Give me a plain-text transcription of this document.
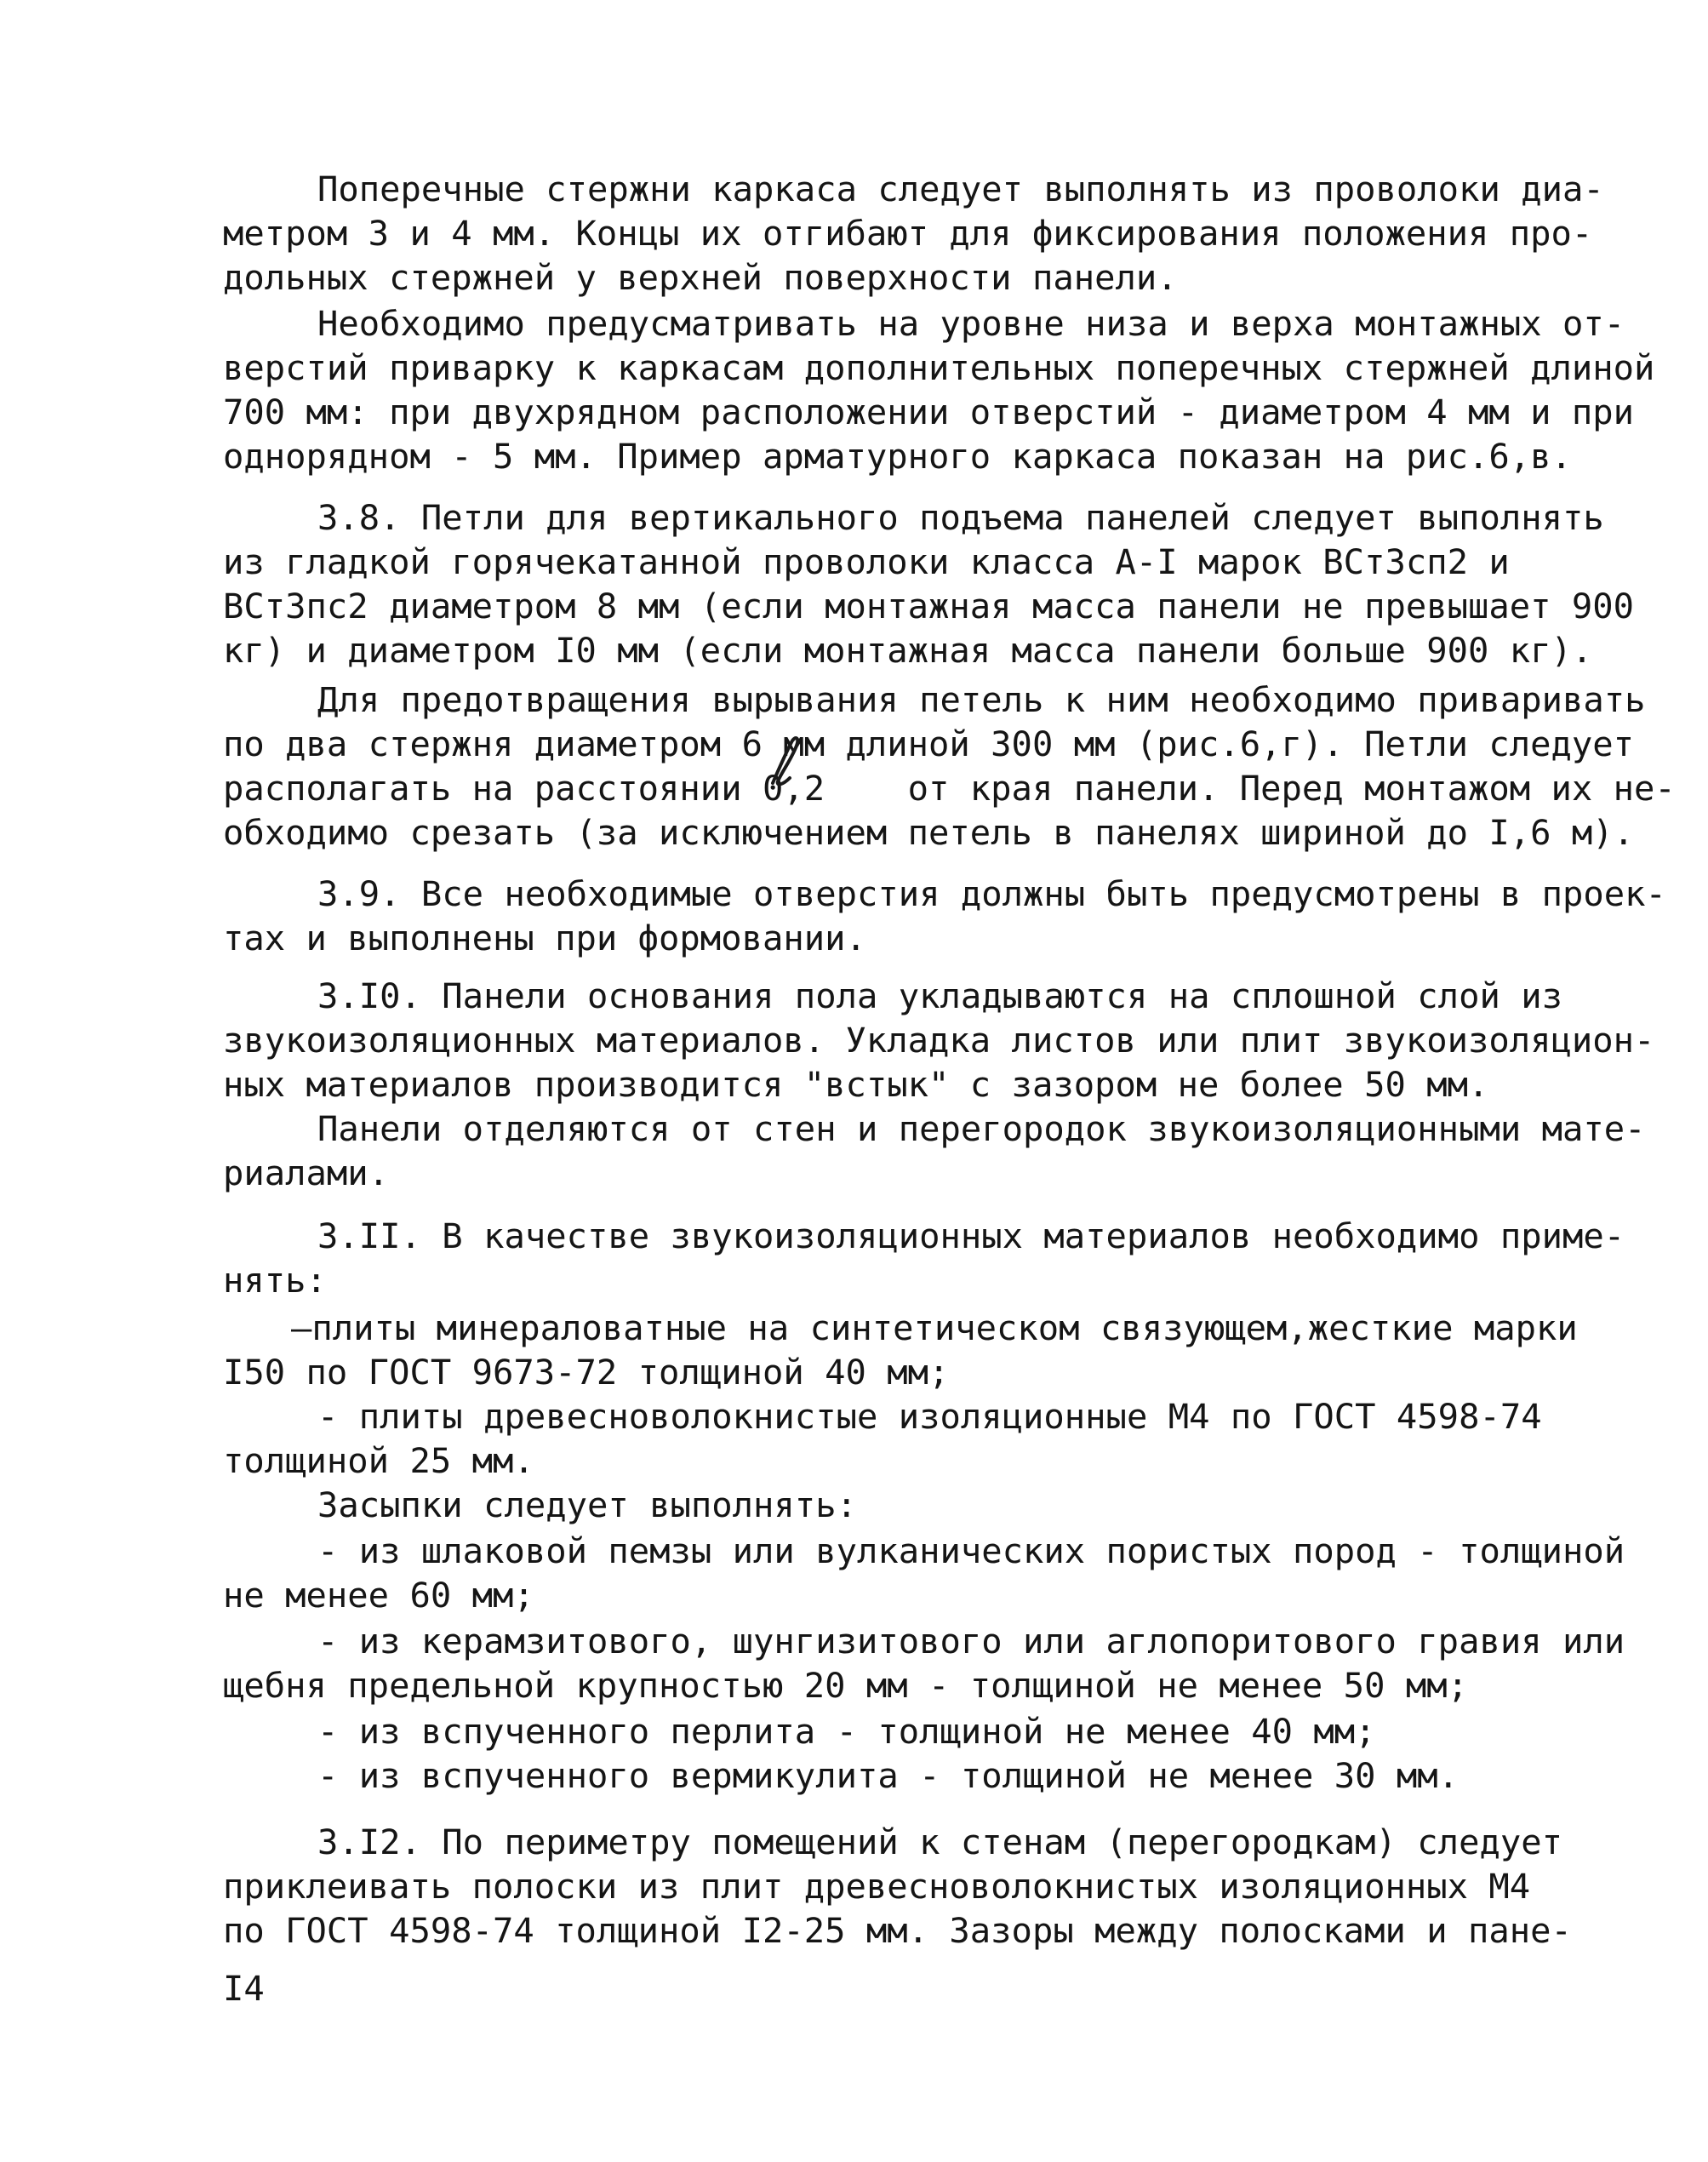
Поперечные стержни каркаса следует выполнять из проволоки диа-
метром 3 и 4 мм. Концы их отгибают для фиксирования положения про-
дольных стержней у верхней поверхности панели.
Необходимо предусматривать на уровне низа и верха монтажных от-
верстий приварку к каркасам дополнительных поперечных стержней длиной
700 мм: при двухрядном расположении отверстий - диаметром 4 мм и при
однорядном - 5 мм. Пример арматурного каркаса показан на рис.6,в.
3.8. Петли для вертикального подъема панелей следует выполнять
из гладкой горячекатанной проволоки класса А-I марок ВСт3сп2 и
ВСт3пс2 диаметром 8 мм (если монтажная масса панели не превышает 900
кг) и диаметром I0 мм (если монтажная масса панели больше 900 кг).
Для предотвращения вырывания петель к ним необходимо приваривать
по два стержня диаметром 6 мм длиной 300 мм (рис.6,г). Петли следует
располагать на расстоянии 0,2    от края панели. Перед монтажом их не-
обходимо срезать (за исключением петель в панелях шириной до I,6 м).
3.9. Все необходимые отверстия должны быть предусмотрены в проек-
тах и выполнены при формовании.
3.I0. Панели основания пола укладываются на сплошной слой из
звукоизоляционных материалов. Укладка листов или плит звукоизоляцион-
ных материалов производится "встык" с зазором не более 50 мм.
Панели отделяются от стен и перегородок звукоизоляционными мате-
риалами.
3.II. В качестве звукоизоляционных материалов необходимо приме-
нять:
—плиты минераловатные на синтетическом связующем,жесткие марки
I50 по ГОСТ 9673-72 толщиной 40 мм;
- плиты древесноволокнистые изоляционные М4 по ГОСТ 4598-74
толщиной 25 мм.
Засыпки следует выполнять:
- из шлаковой пемзы или вулканических пористых пород - толщиной
не менее 60 мм;
- из керамзитового, шунгизитового или аглопоритового гравия или
щебня предельной крупностью 20 мм - толщиной не менее 50 мм;
- из вспученного перлита - толщиной не менее 40 мм;
- из вспученного вермикулита - толщиной не менее 30 мм.
3.I2. По периметру помещений к стенам (перегородкам) следует
приклеивать полоски из плит древесноволокнистых изоляционных М4
по ГОСТ 4598-74 толщиной I2-25 мм. Зазоры между полосками и пане-
I4
